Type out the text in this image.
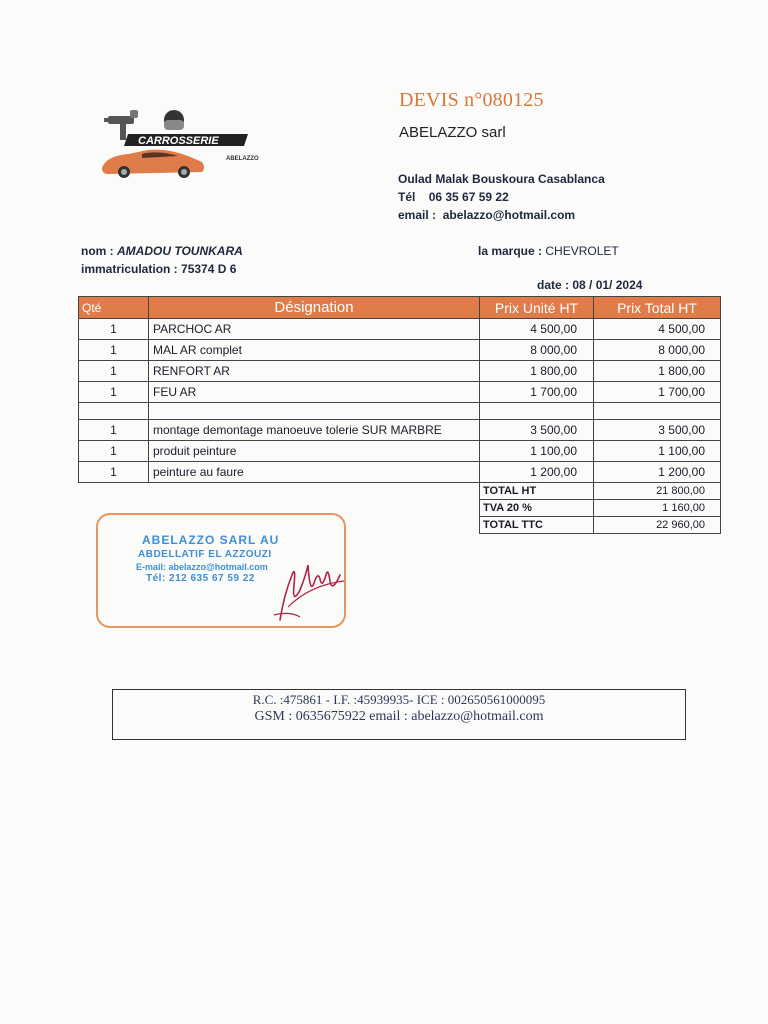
CARROSSERIE
ABELAZZO
DEVIS n°080125
ABELAZZO sarl
Oulad Malak Bouskoura Casablanca
Tél 06 35 67 59 22
email : abelazzo@hotmail.com
nom : AMADOU TOUNKARA
immatriculation : 75374 D 6
la marque : CHEVROLET
date : 08 / 01/ 2024
Qté	Désignation	Prix Unité HT	Prix Total HT
1	PARCHOC AR	4 500,00	4 500,00
1	MAL AR complet	8 000,00	8 000,00
1	RENFORT AR	1 800,00	1 800,00
1	FEU AR	1 700,00	1 700,00

1	montage demontage manoeuve tolerie SUR MARBRE	3 500,00	3 500,00
1	produit peinture	1 100,00	1 100,00
1	peinture au faure	1 200,00	1 200,00
		TOTAL HT	21 800,00
		TVA 20 %	1 160,00
		TOTAL TTC	22 960,00
ABELAZZO SARL AU
ABDELLATIF EL AZZOUZI
E-mail: abelazzo@hotmail.com
Tél: 212 635 67 59 22
R.C. :475861 - I.F. :45939935- ICE : 002650561000095
GSM : 0635675922 email : abelazzo@hotmail.com
